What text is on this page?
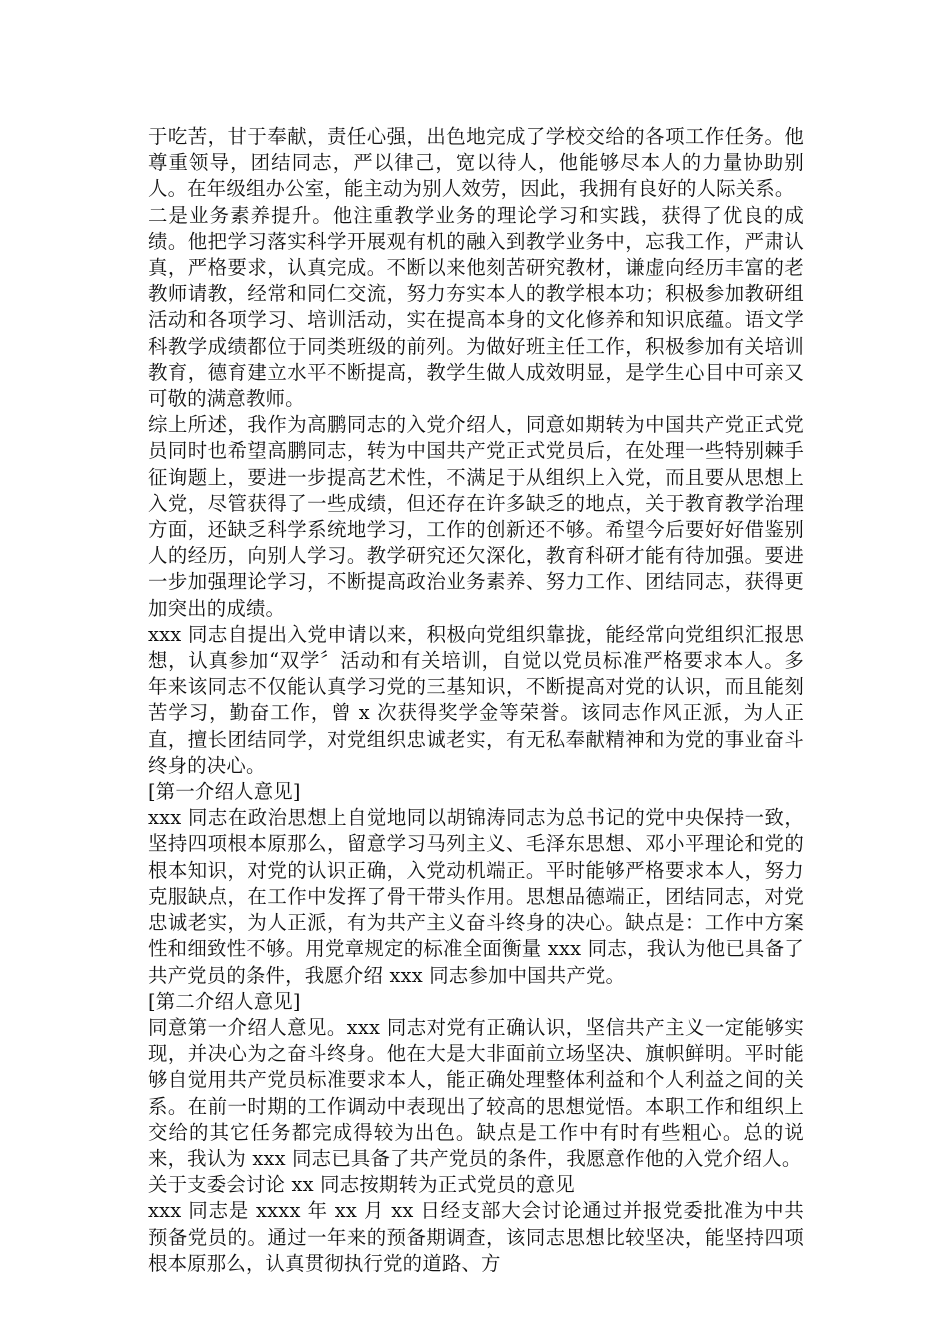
于吃苦，甘于奉献，责任心强，出色地完成了学校交给的各项工作任务。他尊重领导，团结同志，严以律己，宽以待人，他能够尽本人的力量协助别人。在年级组办公室，能主动为别人效劳，因此，我拥有良好的人际关系。

二是业务素养提升。他注重教学业务的理论学习和实践，获得了优良的成绩。他把学习落实科学开展观有机的融入到教学业务中，忘我工作，严肃认真，严格要求，认真完成。不断以来他刻苦研究教材，谦虚向经历丰富的老教师请教，经常和同仁交流，努力夯实本人的教学根本功；积极参加教研组活动和各项学习、培训活动，实在提高本身的文化修养和知识底蕴。语文学科教学成绩都位于同类班级的前列。为做好班主任工作，积极参加有关培训教育，德育建立水平不断提高，教学生做人成效明显，是学生心目中可亲又可敬的满意教师。

综上所述，我作为高鹏同志的入党介绍人，同意如期转为中国共产党正式党员同时也希望高鹏同志，转为中国共产党正式党员后，在处理一些特别棘手征询题上，要进一步提高艺术性，不满足于从组织上入党，而且要从思想上入党，尽管获得了一些成绩，但还存在许多缺乏的地点，关于教育教学治理方面，还缺乏科学系统地学习，工作的创新还不够。希望今后要好好借鉴别人的经历，向别人学习。教学研究还欠深化，教育科研才能有待加强。要进一步加强理论学习，不断提高政治业务素养、努力工作、团结同志，获得更加突出的成绩。

xxx 同志自提出入党申请以来，积极向党组织靠拢，能经常向党组织汇报思想，认真参加“双学〞活动和有关培训，自觉以党员标准严格要求本人。多年来该同志不仅能认真学习党的三基知识，不断提高对党的认识，而且能刻苦学习，勤奋工作，曾 x 次获得奖学金等荣誉。该同志作风正派，为人正直，擅长团结同学，对党组织忠诚老实，有无私奉献精神和为党的事业奋斗终身的决心。

[第一介绍人意见]

xxx 同志在政治思想上自觉地同以胡锦涛同志为总书记的党中央保持一致，坚持四项根本原那么，留意学习马列主义、毛泽东思想、邓小平理论和党的根本知识，对党的认识正确，入党动机端正。平时能够严格要求本人，努力克服缺点，在工作中发挥了骨干带头作用。思想品德端正，团结同志，对党忠诚老实，为人正派，有为共产主义奋斗终身的决心。缺点是：工作中方案性和细致性不够。用党章规定的标准全面衡量 xxx 同志，我认为他已具备了共产党员的条件，我愿介绍 xxx 同志参加中国共产党。

[第二介绍人意见]

同意第一介绍人意见。xxx 同志对党有正确认识，坚信共产主义一定能够实现，并决心为之奋斗终身。他在大是大非面前立场坚决、旗帜鲜明。平时能够自觉用共产党员标准要求本人，能正确处理整体利益和个人利益之间的关系。在前一时期的工作调动中表现出了较高的思想觉悟。本职工作和组织上交给的其它任务都完成得较为出色。缺点是工作中有时有些粗心。总的说来，我认为 xxx 同志已具备了共产党员的条件，我愿意作他的入党介绍人。

关于支委会讨论 xx 同志按期转为正式党员的意见

xxx 同志是 xxxx 年 xx 月 xx 日经支部大会讨论通过并报党委批准为中共预备党员的。通过一年来的预备期调查，该同志思想比较坚决，能坚持四项根本原那么，认真贯彻执行党的道路、方
